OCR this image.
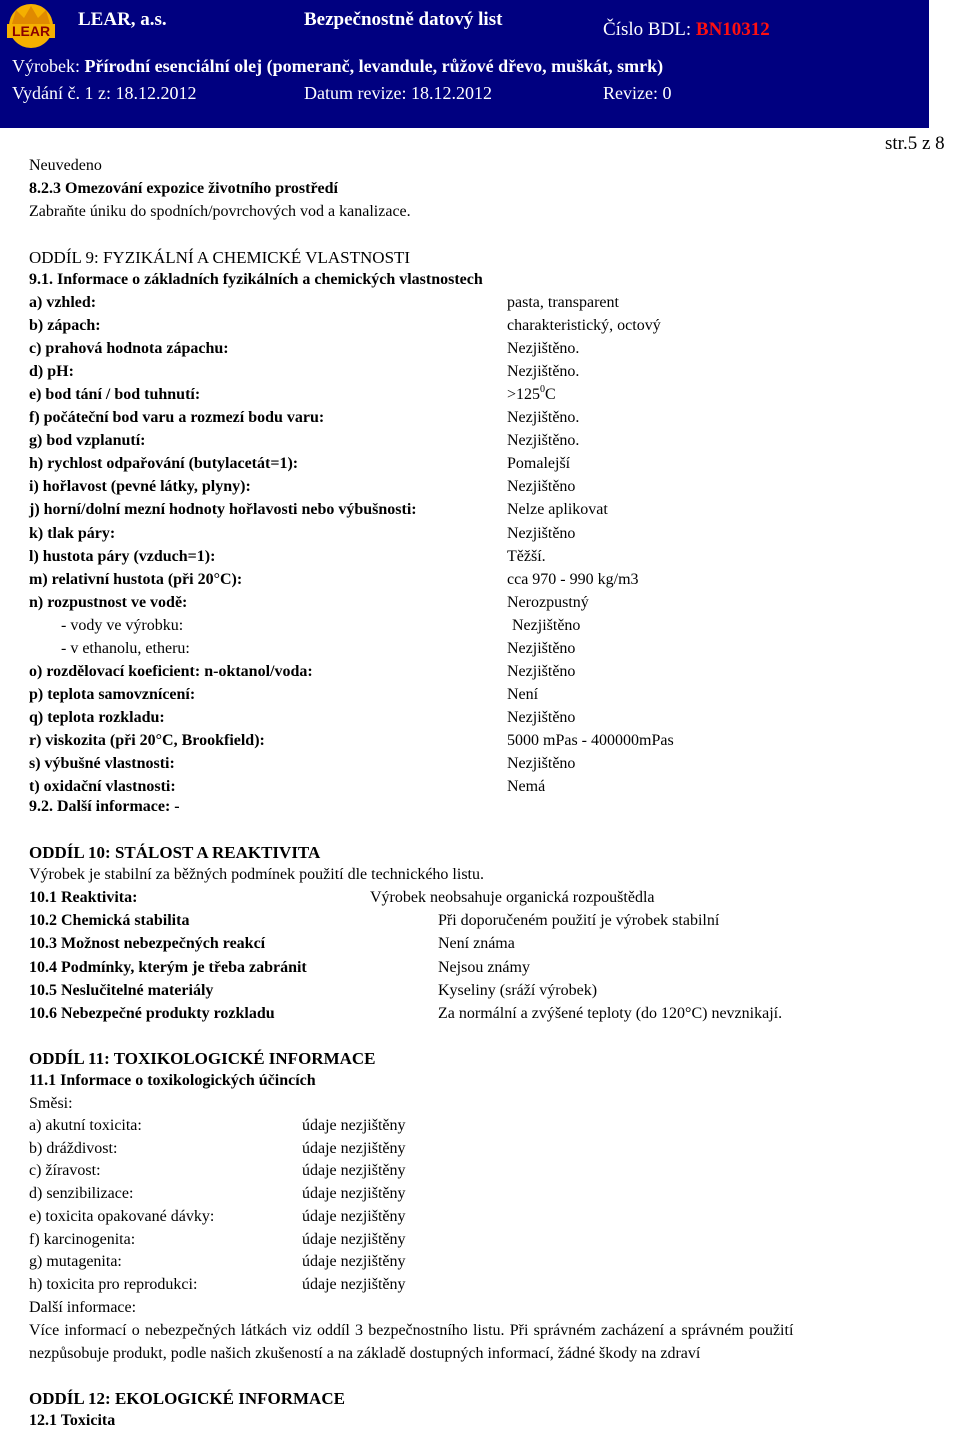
LEAR
LEAR, a.s.	Bezpečnostně datový list	Číslo BDL: BN10312
Výrobek: Přírodní esenciální olej (pomeranč, levandule, růžové dřevo, muškát, smrk)
Vydání č. 1 z: 18.12.2012	Datum revize: 18.12.2012	Revize: 0
str.5 z 8
Neuvedeno
8.2.3 Omezování expozice životního prostředí
Zabraňte úniku do spodních/povrchových vod a kanalizace.
ODDÍL 9: FYZIKÁLNÍ A CHEMICKÉ VLASTNOSTI
9.1. Informace o základních fyzikálních a chemických vlastnostech
a) vzhled:	pasta, transparent
b) zápach:	charakteristický, octový
c) prahová hodnota zápachu:	Nezjištěno.
d) pH:	Nezjištěno.
e) bod tání / bod tuhnutí:	$>125^0C$
f) počáteční bod varu a rozmezí bodu varu:	Nezjištěno.
g) bod vzplanutí:	Nezjištěno.
h) rychlost odpařování (butylacetát=1):	Pomalejší
i) hořlavost (pevné látky, plyny):	Nezjištěno
j) horní/dolní mezní hodnoty hořlavosti nebo výbušnosti:	Nelze aplikovat
k) tlak páry:	Nezjištěno
l) hustota páry (vzduch=1):	Těžší.
m) relativní hustota (při 20°C):	cca 970 - 990 kg/m3
n) rozpustnost ve vodě:	Nerozpustný
- vody ve výrobku:	Nezjištěno
- v ethanolu, etheru:	Nezjištěno
o) rozdělovací koeficient: n-oktanol/voda:	Nezjištěno
p) teplota samovznícení:	Není
q) teplota rozkladu:	Nezjištěno
r) viskozita (při 20°C, Brookfield):	5000 mPas - 400000mPas
s) výbušné vlastnosti:	Nezjištěno
t) oxidační vlastnosti:	Nemá
9.2. Další informace: -
ODDÍL 10: STÁLOST A REAKTIVITA
Výrobek je stabilní za běžných podmínek použití dle technického listu.
10.1 Reaktivita:	Výrobek neobsahuje organická rozpouštědla
10.2 Chemická stabilita	Při doporučeném použití je výrobek stabilní
10.3 Možnost nebezpečných reakcí	Není známa
10.4 Podmínky, kterým je třeba zabránit	Nejsou známy
10.5 Neslučitelné materiály	Kyseliny (sráží výrobek)
10.6 Nebezpečné produkty rozkladu	Za normální a zvýšené teploty (do 120°C) nevznikají.
ODDÍL 11: TOXIKOLOGICKÉ INFORMACE
11.1 Informace o toxikologických účincích
Směsi:
a) akutní toxicita:	údaje nezjištěny
b) dráždivost:	údaje nezjištěny
c) žíravost:	údaje nezjištěny
d) senzibilizace:	údaje nezjištěny
e) toxicita opakované dávky:	údaje nezjištěny
f) karcinogenita:	údaje nezjištěny
g) mutagenita:	údaje nezjištěny
h) toxicita pro reprodukci:	údaje nezjištěny
Další informace:
Více informací o nebezpečných látkách viz oddíl 3 bezpečnostního listu. Při správném zacházení a správném použití
nezpůsobuje produkt, podle našich zkušeností a na základě dostupných informací, žádné škody na zdraví
ODDÍL 12: EKOLOGICKÉ INFORMACE
12.1 Toxicita
